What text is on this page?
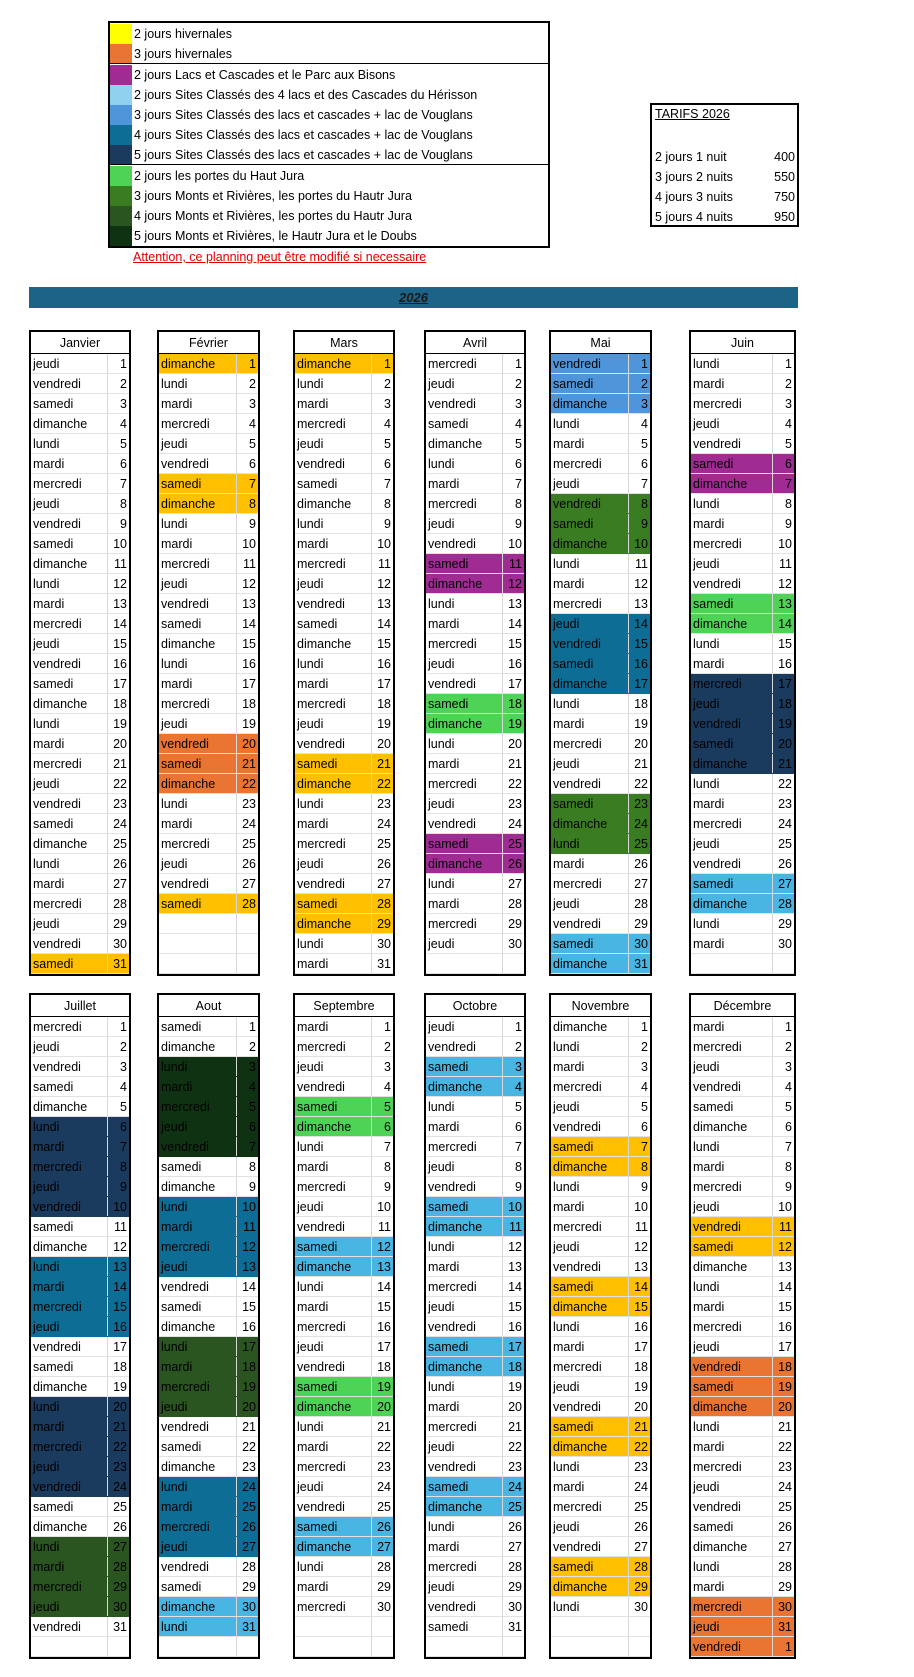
2 jours hivernales
3 jours hivernales
2 jours Lacs et Cascades et le Parc aux Bisons
2 jours Sites Classés des 4 lacs et des Cascades du Hérisson
3 jours Sites Classés des lacs et cascades + lac de Vouglans
4 jours Sites Classés des lacs et cascades + lac de Vouglans
5 jours Sites Classés des lacs et cascades + lac de Vouglans
2 jours les portes du Haut Jura
3 jours Monts et Rivières, les portes du Hautr Jura
4 jours Monts et Rivières, les portes du Hautr Jura
5 jours Monts et Rivières, le Hautr Jura et le Doubs
Attention, ce planning peut être modifié si necessaire
TARIFS 2026
2 jours 1 nuit	400
3 jours 2 nuits	550
4 jours 3 nuits	750
5 jours 4 nuits	950
2026
Janvier
jeudi	1
vendredi	2
samedi	3
dimanche	4
lundi	5
mardi	6
mercredi	7
jeudi	8
vendredi	9
samedi	10
dimanche 11
lundi	12
mardi	13
mercredi	14
jeudi	15
vendredi	16
samedi	17
dimanche 18
lundi	19
mardi	20
mercredi	21
jeudi	22
vendredi	23
samedi	24
dimanche 25
lundi	26
mardi	27
mercredi	28
jeudi	29
vendredi	30
samedi	31
Février
dimanche	1
lundi	2
mardi	3
mercredi	4
jeudi	5
vendredi	6
samedi	7
dimanche	8
lundi	9
mardi	10
mercredi	11
jeudi	12
vendredi	13
samedi	14
dimanche 15
lundi	16
mardi	17
mercredi	18
jeudi	19
vendredi	20
samedi	21
dimanche 22
lundi	23
mardi	24
mercredi	25
jeudi	26
vendredi	27
samedi	28
Mars
dimanche	1
lundi	2
mardi	3
mercredi	4
jeudi	5
vendredi	6
samedi	7
dimanche	8
lundi	9
mardi	10
mercredi	11
jeudi	12
vendredi	13
samedi	14
dimanche 15
lundi	16
mardi	17
mercredi	18
jeudi	19
vendredi	20
samedi	21
dimanche 22
lundi	23
mardi	24
mercredi	25
jeudi	26
vendredi	27
samedi	28
dimanche 29
lundi	30
mardi	31
Avril
mercredi	1
jeudi	2
vendredi	3
samedi	4
dimanche	5
lundi	6
mardi	7
mercredi	8
jeudi	9
vendredi	10
samedi	11
dimanche 12
lundi	13
mardi	14
mercredi	15
jeudi	16
vendredi	17
samedi	18
dimanche 19
lundi	20
mardi	21
mercredi	22
jeudi	23
vendredi	24
samedi	25
dimanche 26
lundi	27
mardi	28
mercredi	29
jeudi	30
Mai
vendredi	1
samedi	2
dimanche	3
lundi	4
mardi	5
mercredi	6
jeudi	7
vendredi	8
samedi	9
dimanche 10
lundi	11
mardi	12
mercredi	13
jeudi	14
vendredi	15
samedi	16
dimanche 17
lundi	18
mardi	19
mercredi	20
jeudi	21
vendredi	22
samedi	23
dimanche 24
lundi	25
mardi	26
mercredi	27
jeudi	28
vendredi	29
samedi	30
dimanche 31
Juin
lundi	1
mardi	2
mercredi	3
jeudi	4
vendredi	5
samedi	6
dimanche	7
lundi	8
mardi	9
mercredi	10
jeudi	11
vendredi	12
samedi	13
dimanche 14
lundi	15
mardi	16
mercredi	17
jeudi	18
vendredi	19
samedi	20
dimanche 21
lundi	22
mardi	23
mercredi	24
jeudi	25
vendredi	26
samedi	27
dimanche 28
lundi	29
mardi	30
Juillet
mercredi	1
jeudi	2
vendredi	3
samedi	4
dimanche	5
lundi	6
mardi	7
mercredi	8
jeudi	9
vendredi	10
samedi	11
dimanche 12
lundi	13
mardi	14
mercredi	15
jeudi	16
vendredi	17
samedi	18
dimanche 19
lundi	20
mardi	21
mercredi	22
jeudi	23
vendredi	24
samedi	25
dimanche 26
lundi	27
mardi	28
mercredi	29
jeudi	30
vendredi	31
Aout
samedi	1
dimanche	2
lundi	3
mardi	4
mercredi	5
jeudi	6
vendredi	7
samedi	8
dimanche	9
lundi	10
mardi	11
mercredi	12
jeudi	13
vendredi	14
samedi	15
dimanche 16
lundi	17
mardi	18
mercredi	19
jeudi	20
vendredi	21
samedi	22
dimanche 23
lundi	24
mardi	25
mercredi	26
jeudi	27
vendredi	28
samedi	29
dimanche 30
lundi	31
Septembre
mardi	1
mercredi	2
jeudi	3
vendredi	4
samedi	5
dimanche	6
lundi	7
mardi	8
mercredi	9
jeudi	10
vendredi	11
samedi	12
dimanche 13
lundi	14
mardi	15
mercredi	16
jeudi	17
vendredi	18
samedi	19
dimanche 20
lundi	21
mardi	22
mercredi	23
jeudi	24
vendredi	25
samedi	26
dimanche 27
lundi	28
mardi	29
mercredi	30
Octobre
jeudi	1
vendredi	2
samedi	3
dimanche	4
lundi	5
mardi	6
mercredi	7
jeudi	8
vendredi	9
samedi	10
dimanche 11
lundi	12
mardi	13
mercredi	14
jeudi	15
vendredi	16
samedi	17
dimanche 18
lundi	19
mardi	20
mercredi	21
jeudi	22
vendredi	23
samedi	24
dimanche 25
lundi	26
mardi	27
mercredi	28
jeudi	29
vendredi	30
samedi	31
Novembre
dimanche	1
lundi	2
mardi	3
mercredi	4
jeudi	5
vendredi	6
samedi	7
dimanche	8
lundi	9
mardi	10
mercredi	11
jeudi	12
vendredi	13
samedi	14
dimanche 15
lundi	16
mardi	17
mercredi	18
jeudi	19
vendredi	20
samedi	21
dimanche 22
lundi	23
mardi	24
mercredi	25
jeudi	26
vendredi	27
samedi	28
dimanche 29
lundi	30
Décembre
mardi	1
mercredi	2
jeudi	3
vendredi	4
samedi	5
dimanche	6
lundi	7
mardi	8
mercredi	9
jeudi	10
vendredi	11
samedi	12
dimanche 13
lundi	14
mardi	15
mercredi	16
jeudi	17
vendredi	18
samedi	19
dimanche 20
lundi	21
mardi	22
mercredi	23
jeudi	24
vendredi	25
samedi	26
dimanche 27
lundi	28
mardi	29
mercredi	30
jeudi	31
vendredi	1
